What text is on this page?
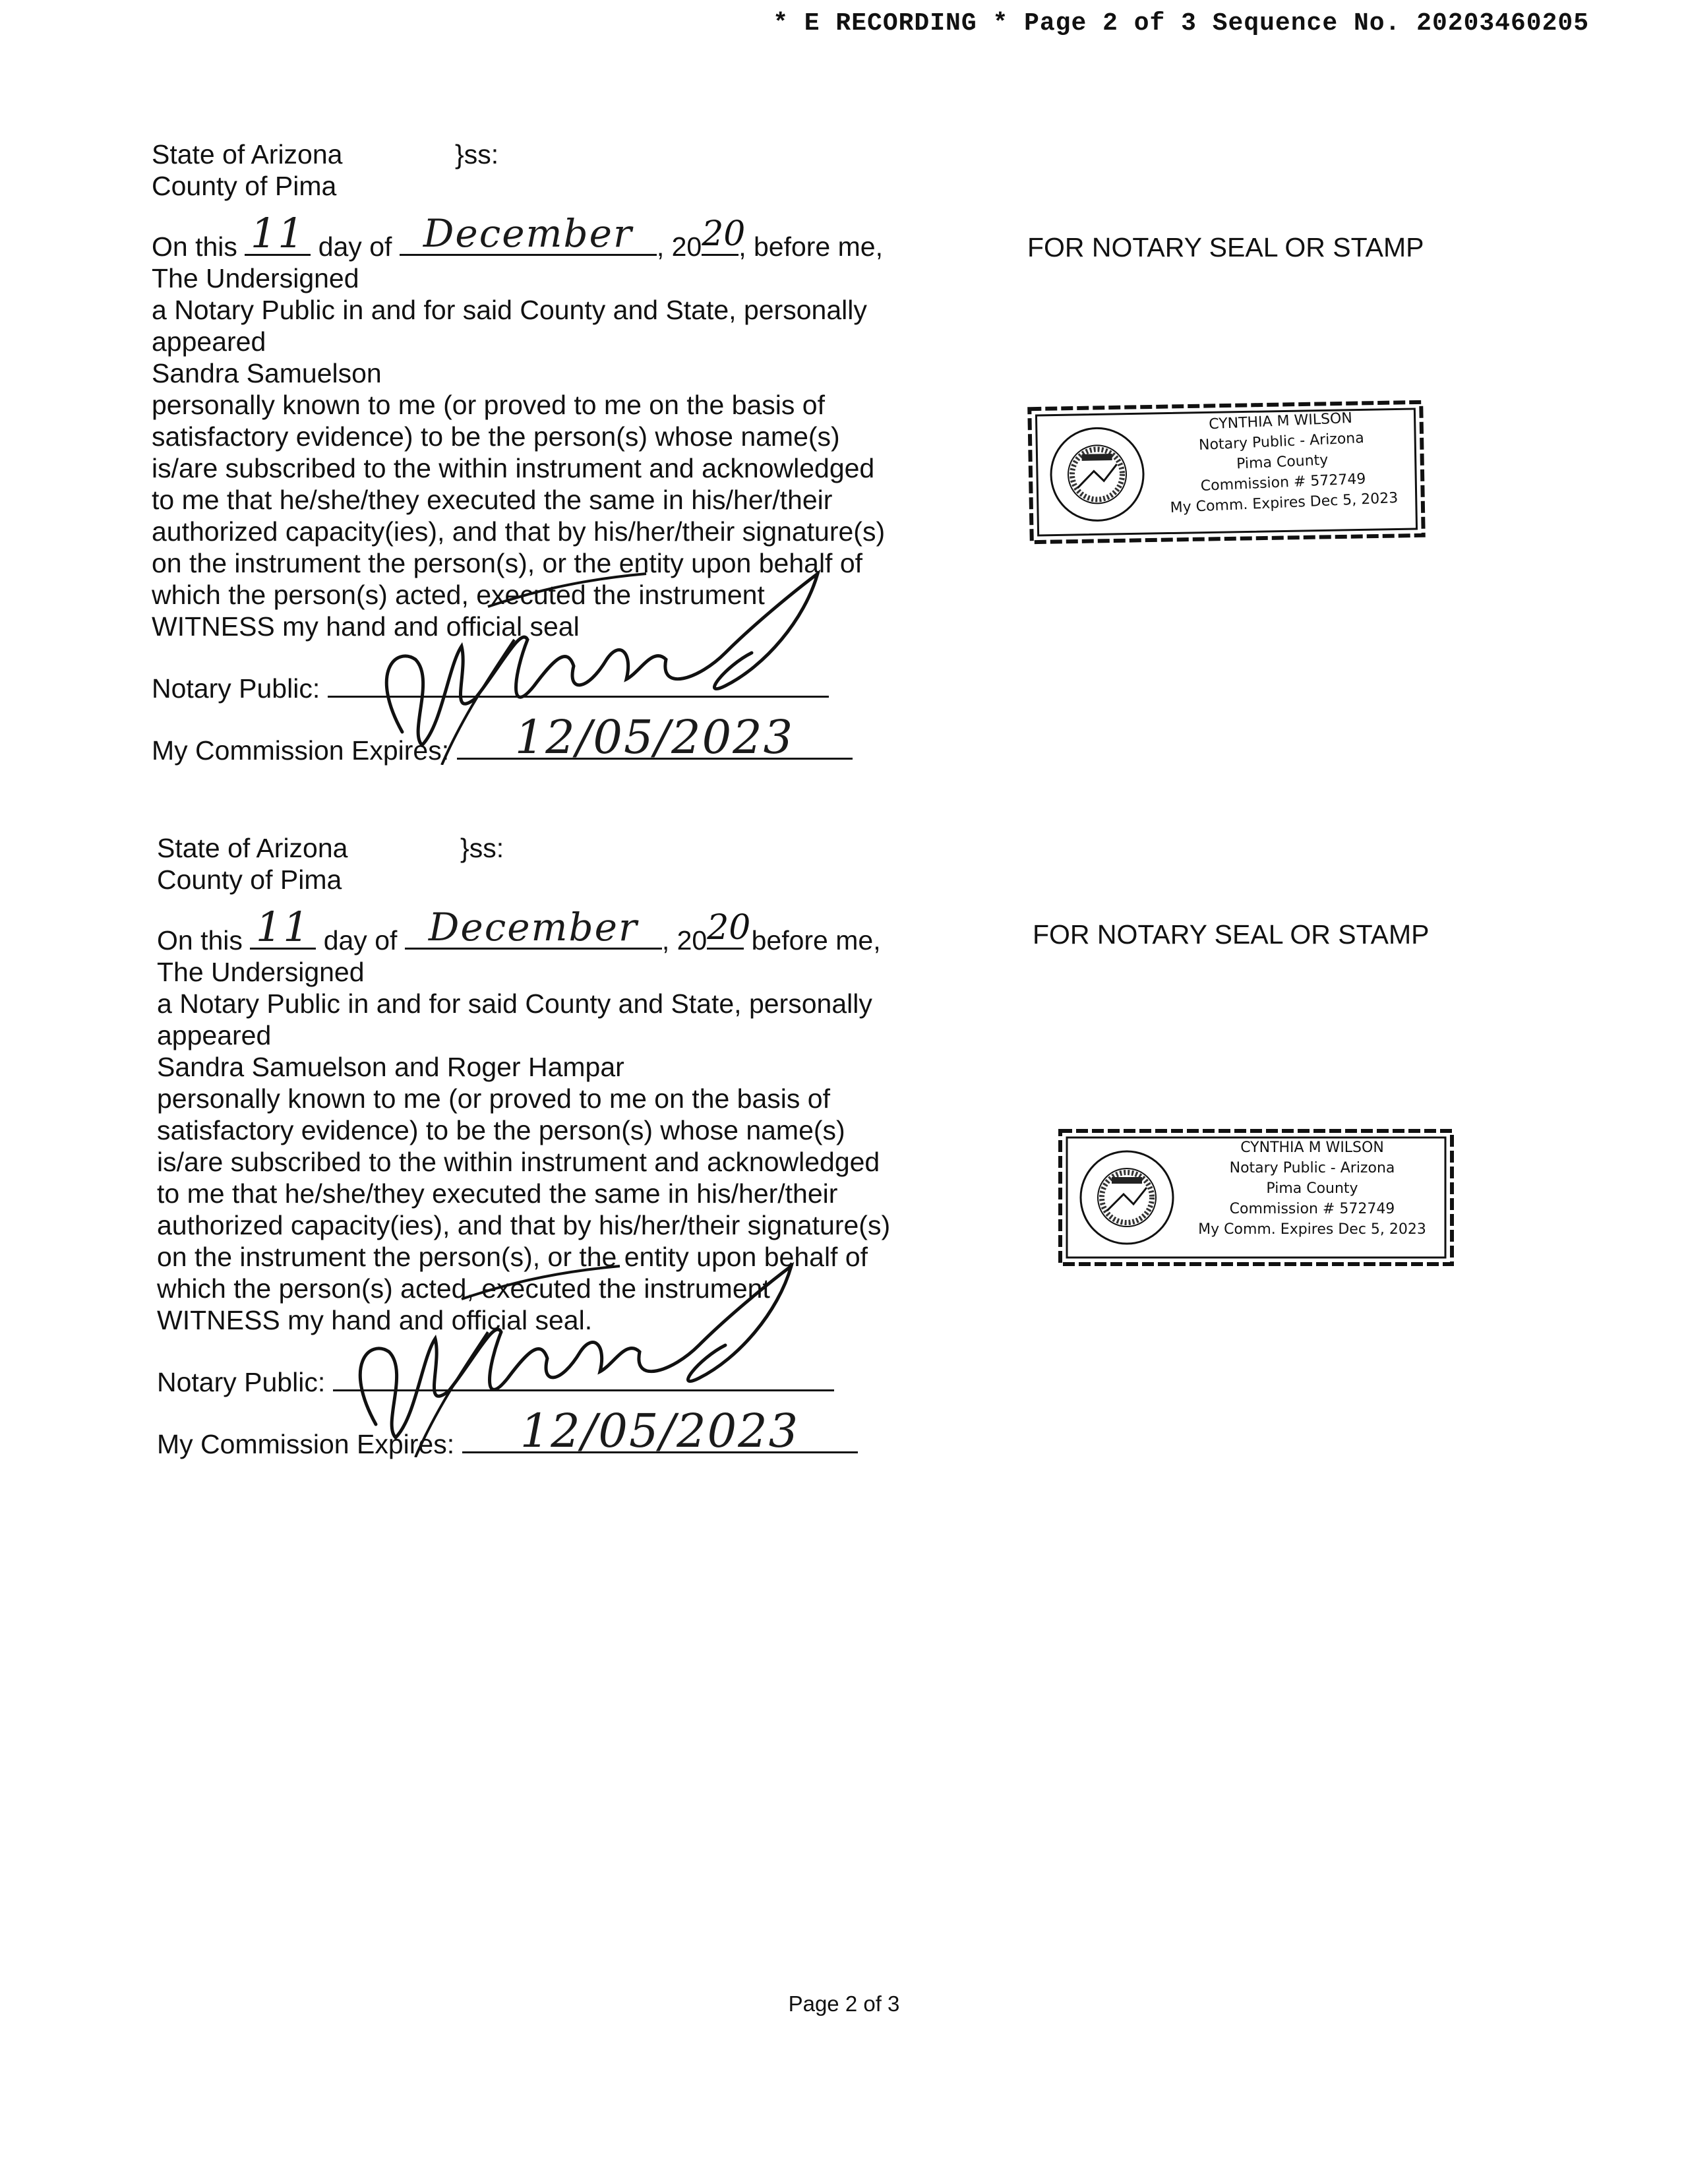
* E RECORDING * Page 2 of 3 Sequence No. 20203460205
State of Arizona	}ss:
County of Pima
On this 11 day of December , 20 20
, before me,
The Undersigned
a Notary Public in and for said County and State, personally
appeared
Sandra Samuelson
personally known to me (or proved to me on the basis of
satisfactory evidence) to be the person(s) whose name(s)
is/are subscribed to the within instrument and acknowledged
to me that he/she/they executed the same in his/her/their
authorized capacity(ies), and that by his/her/their signature(s)
on the instrument the person(s), or the entity upon behalf of
which the person(s) acted, executed the instrument
WITNESS my hand and official seal
Notary Public:
My Commission Expires:	12/05/2023
FOR NOTARY SEAL OR STAMP
CYNTHIA M WILSON
Notary Public - Arizona
Pima County
Commission # 572749
My Comm. Expires Dec 5, 2023
State of Arizona	}ss:
County of Pima
On this 11 day of December , 20 20
before me,
The Undersigned
a Notary Public in and for said County and State, personally
appeared
Sandra Samuelson and Roger Hampar
personally known to me (or proved to me on the basis of
satisfactory evidence) to be the person(s) whose name(s)
is/are subscribed to the within instrument and acknowledged
to me that he/she/they executed the same in his/her/their
authorized capacity(ies), and that by his/her/their signature(s)
on the instrument the person(s), or the entity upon behalf of
which the person(s) acted, executed the instrument
WITNESS my hand and official seal.
Notary Public:
My Commission Expires:	12/05/2023
FOR NOTARY SEAL OR STAMP
CYNTHIA M WILSON
Notary Public - Arizona
Pima County
Commission # 572749
My Comm. Expires Dec 5, 2023
Page 2 of 3
